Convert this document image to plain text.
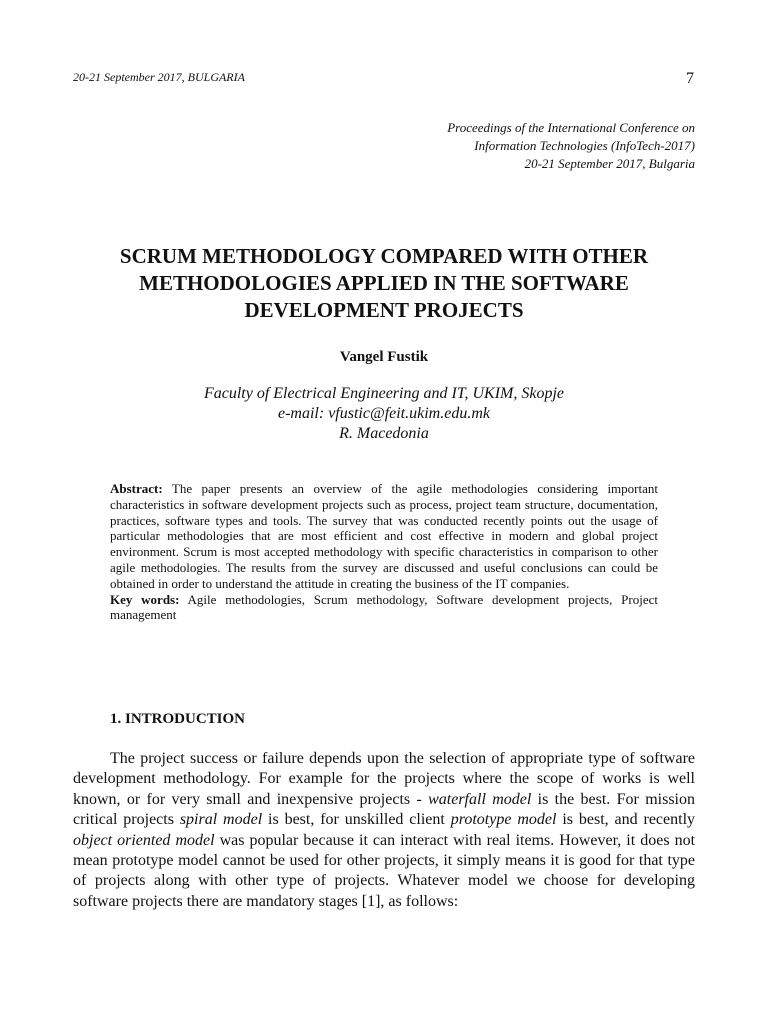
20-21 September 2017, BULGARIA	7
Proceedings of the International Conference on
Information Technologies (InfoTech-2017)
20-21 September 2017, Bulgaria
SCRUM METHODOLOGY COMPARED WITH OTHER
METHODOLOGIES APPLIED IN THE SOFTWARE
DEVELOPMENT PROJECTS
Vangel Fustik
Faculty of Electrical Engineering and IT, UKIM, Skopje
e-mail: vfustic@feit.ukim.edu.mk
R. Macedonia

Abstract: The paper presents an overview of the agile methodologies considering important characteristics in software development projects such as process, project team structure, documentation, practices, software types and tools. The survey that was conducted recently points out the usage of particular methodologies that are most efficient and cost effective in modern and global project environment. Scrum is most accepted methodology with specific characteristics in comparison to other agile methodologies. The results from the survey are discussed and useful conclusions can could be obtained in order to understand the attitude in creating the business of the IT companies.

Key words: Agile methodologies, Scrum methodology, Software development projects, Project management

1. INTRODUCTION

The project success or failure depends upon the selection of appropriate type of software development methodology. For example for the projects where the scope of works is well known, or for very small and inexpensive projects - waterfall model is the best. For mission critical projects spiral model is best, for unskilled client prototype model is best, and recently object oriented model was popular because it can interact with real items. However, it does not mean prototype model cannot be used for other projects, it simply means it is good for that type of projects along with other type of projects. Whatever model we choose for developing software projects there are mandatory stages [1], as follows:
